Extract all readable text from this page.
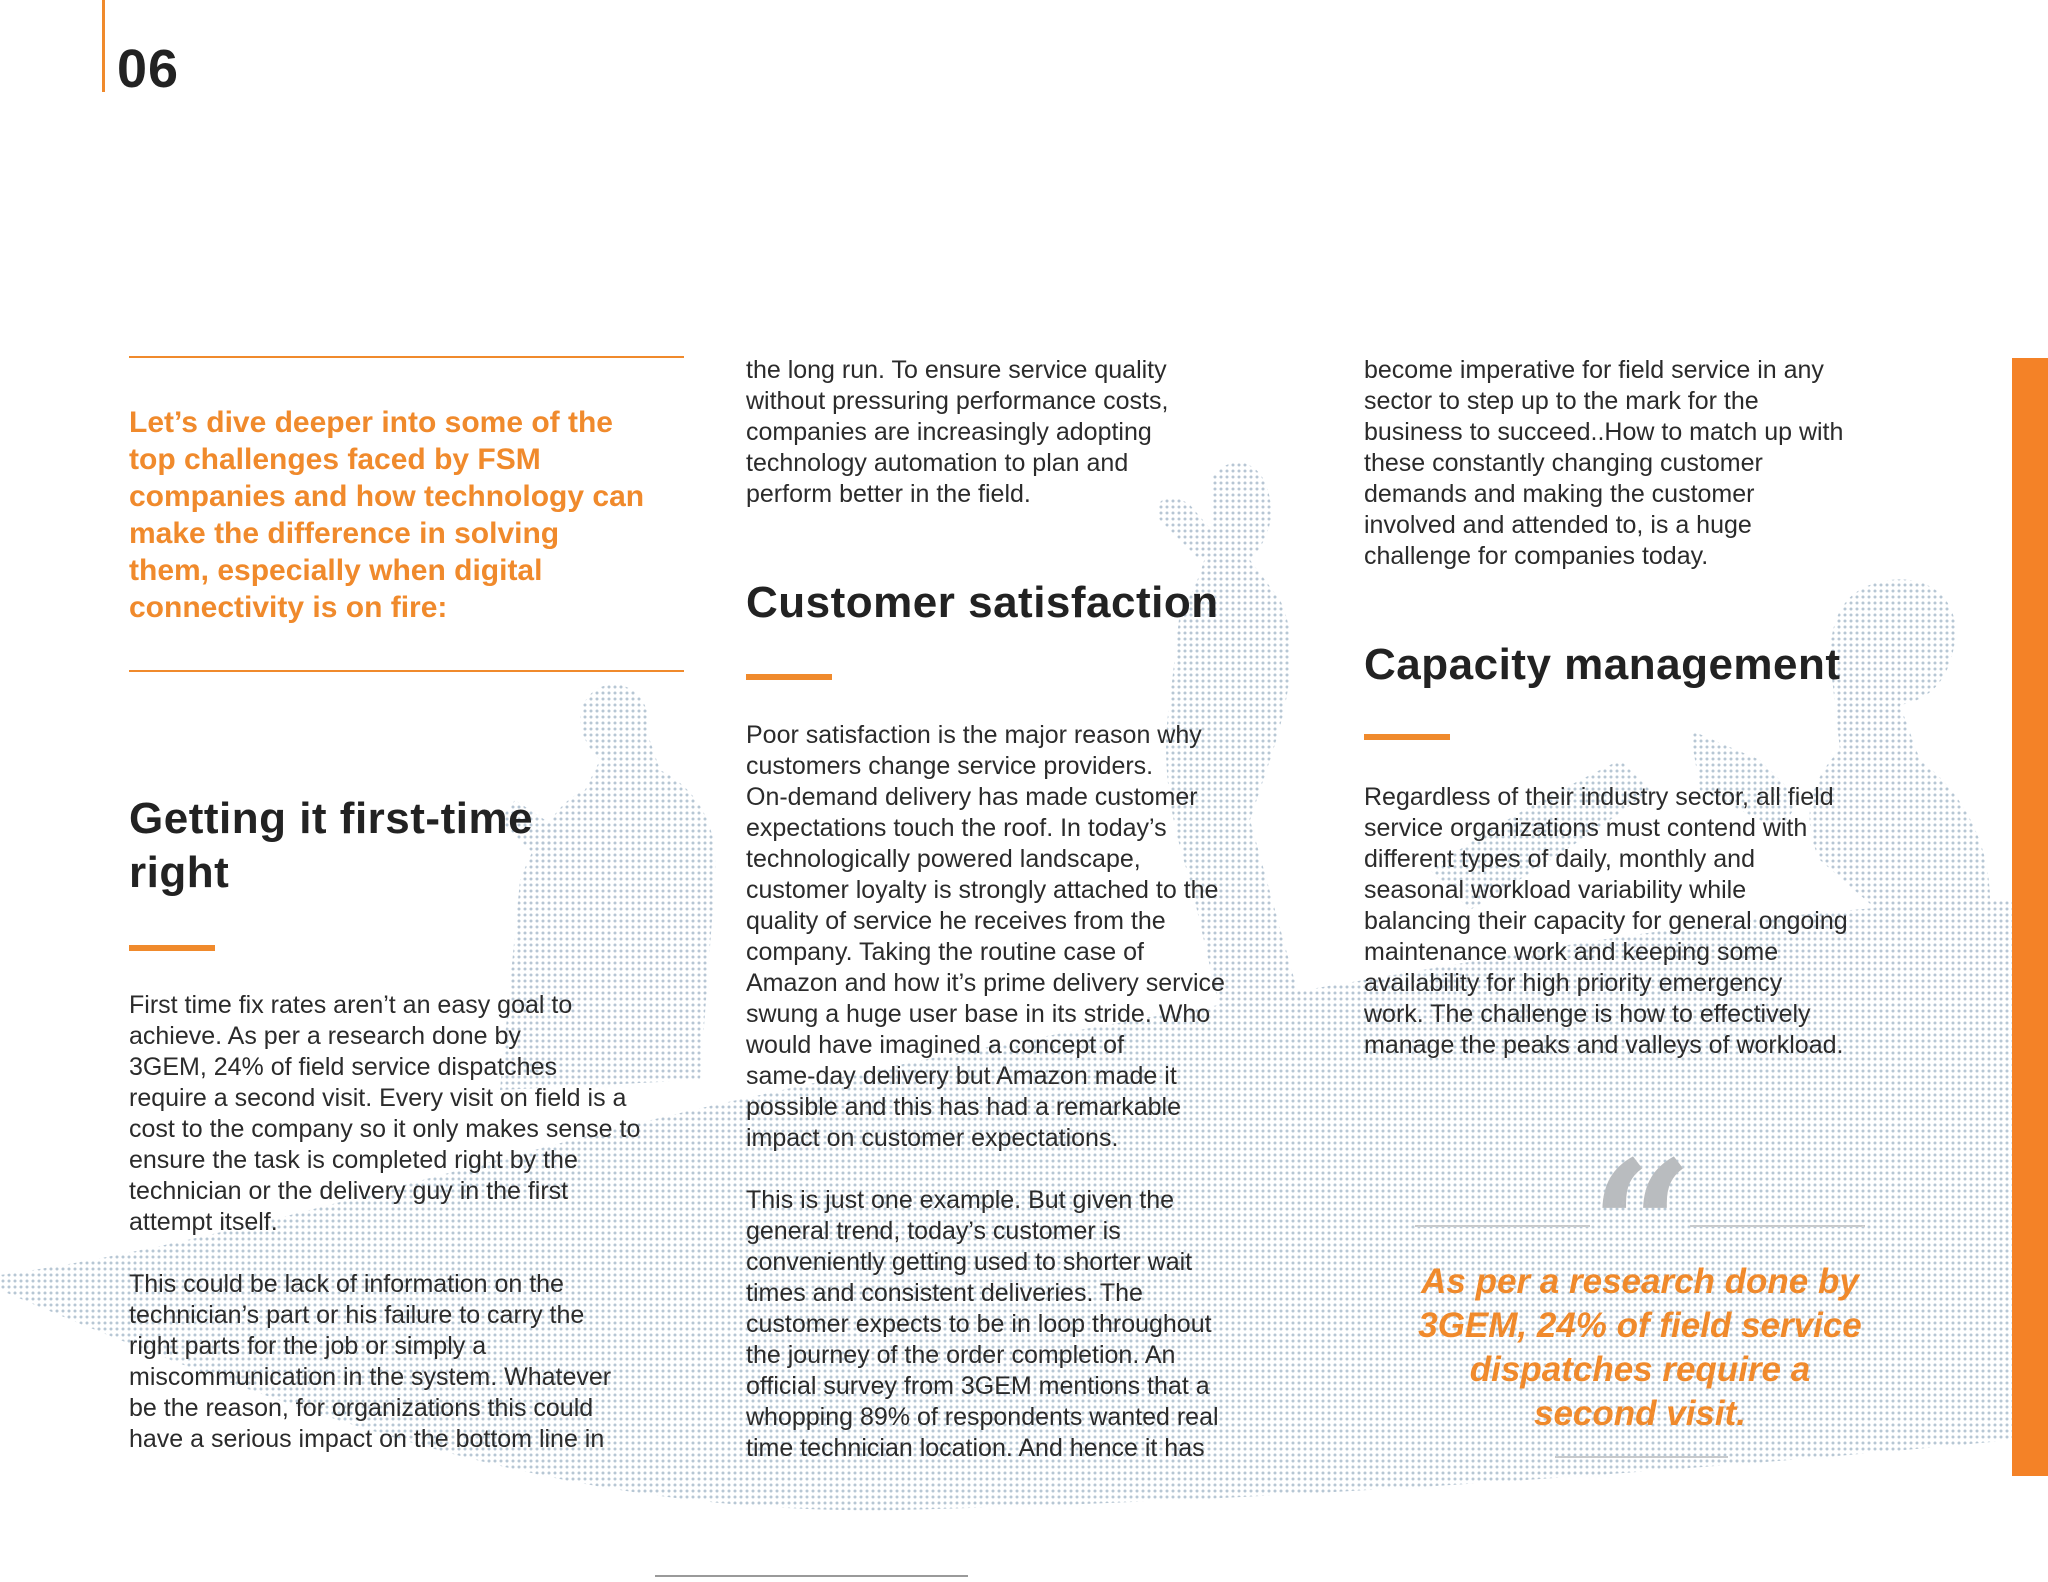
06

Let’s dive deeper into some of the
top challenges faced by FSM
companies and how technology can
make the difference in solving
them, especially when digital
connectivity is on fire:

Getting it first-time
right

First time fix rates aren’t an easy goal to
achieve. As per a research done by
3GEM, 24% of field service dispatches
require a second visit. Every visit on field is a
cost to the company so it only makes sense to
ensure the task is completed right by the
technician or the delivery guy in the first
attempt itself.

This could be lack of information on the
technician’s part or his failure to carry the
right parts for the job or simply a
miscommunication in the system. Whatever
be the reason, for organizations this could
have a serious impact on the bottom line in

the long run. To ensure service quality
without pressuring performance costs,
companies are increasingly adopting
technology automation to plan and
perform better in the field.

Customer satisfaction

Poor satisfaction is the major reason why
customers change service providers.
On-demand delivery has made customer
expectations touch the roof. In today’s
technologically powered landscape,
customer loyalty is strongly attached to the
quality of service he receives from the
company. Taking the routine case of
Amazon and how it’s prime delivery service
swung a huge user base in its stride. Who
would have imagined a concept of
same-day delivery but Amazon made it
possible and this has had a remarkable
impact on customer expectations.

This is just one example. But given the
general trend, today’s customer is
conveniently getting used to shorter wait
times and consistent deliveries. The
customer expects to be in loop throughout
the journey of the order completion. An
official survey from 3GEM mentions that a
whopping 89% of respondents wanted real
time technician location. And hence it has

become imperative for field service in any
sector to step up to the mark for the
business to succeed..How to match up with
these constantly changing customer
demands and making the customer
involved and attended to, is a huge
challenge for companies today.

Capacity management

Regardless of their industry sector, all field
service organizations must contend with
different types of daily, monthly and
seasonal workload variability while
balancing their capacity for general ongoing
maintenance work and keeping some
availability for high priority emergency
work. The challenge is how to effectively
manage the peaks and valleys of workload.

“

As per a research done by
3GEM, 24% of field service
dispatches require a
second visit.
